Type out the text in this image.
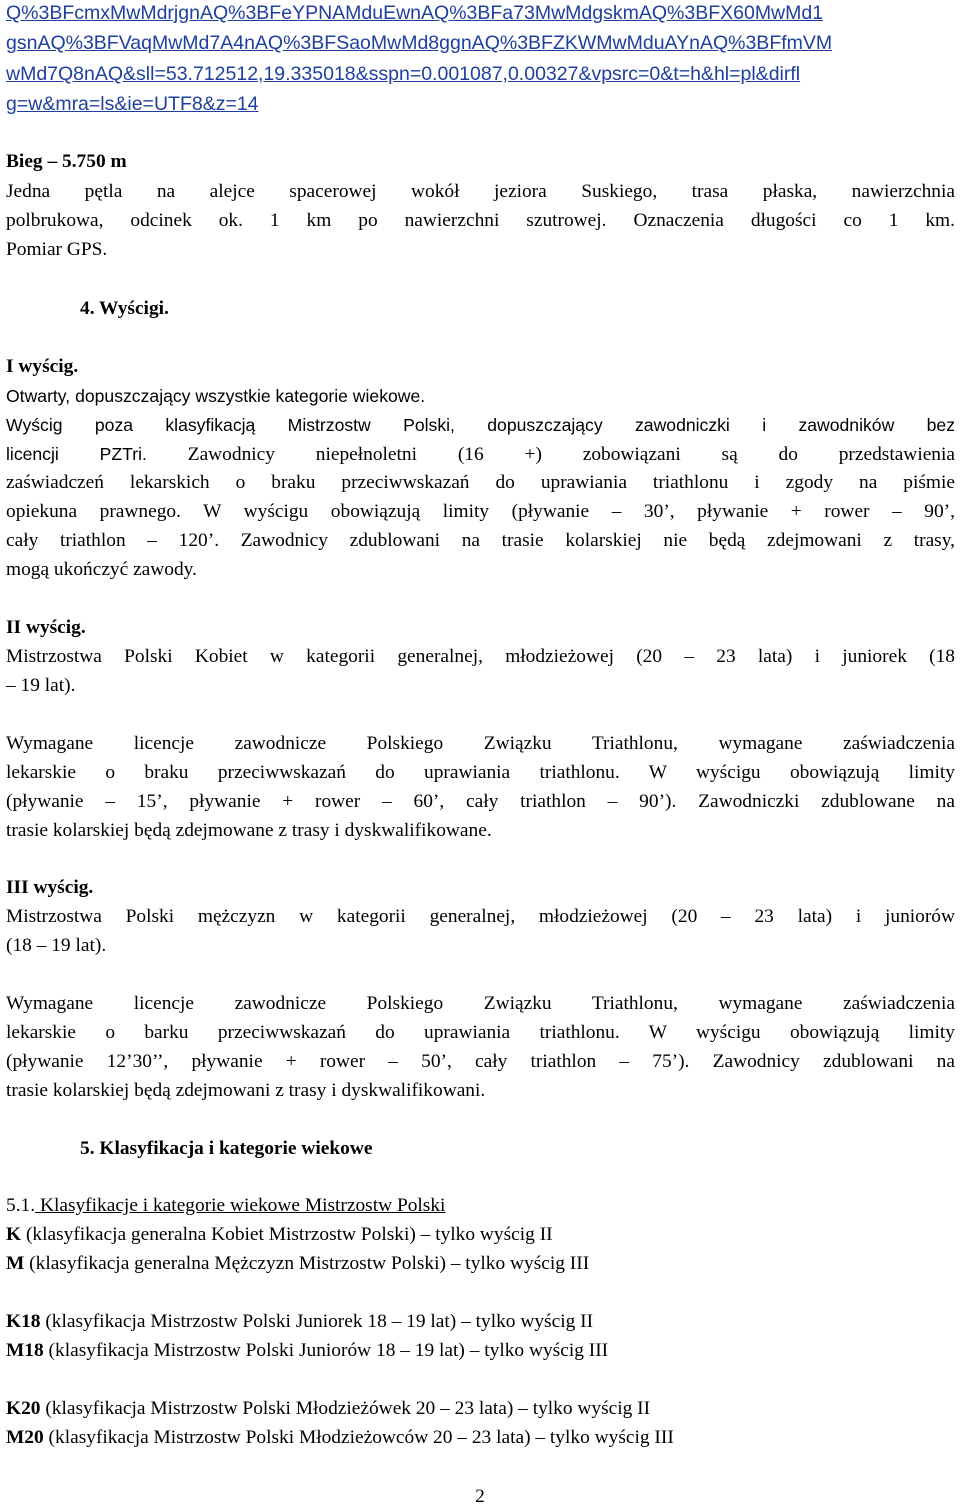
Q%3BFcmxMwMdrjgnAQ%3BFeYPNAMduEwnAQ%3BFa73MwMdgskmAQ%3BFX60MwMd1
gsnAQ%3BFVaqMwMd7A4nAQ%3BFSaoMwMd8ggnAQ%3BFZKWMwMduAYnAQ%3BFfmVM
wMd7Q8nAQ&sll=53.712512,19.335018&sspn=0.001087,0.00327&vpsrc=0&t=h&hl=pl&dirfl
g=w&mra=ls&ie=UTF8&z=14
Bieg – 5.750 m
Jedna pętla na alejce spacerowej wokół jeziora Suskiego, trasa płaska, nawierzchnia
polbrukowa, odcinek ok. 1 km po nawierzchni szutrowej. Oznaczenia długości co 1 km.
Pomiar GPS.
4. Wyścigi.
I wyścig.
Otwarty, dopuszczający wszystkie kategorie wiekowe.
Wyścig poza klasyfikacją Mistrzostw Polski, dopuszczający zawodniczki i zawodników bez
licencji PZTri. Zawodnicy niepełnoletni (16 +) zobowiązani są do przedstawienia
zaświadczeń lekarskich o braku przeciwwskazań do uprawiania triathlonu i zgody na piśmie
opiekuna prawnego. W wyścigu obowiązują limity (pływanie – 30’, pływanie + rower – 90’,
cały triathlon – 120’. Zawodnicy zdublowani na trasie kolarskiej nie będą zdejmowani z trasy,
mogą ukończyć zawody.
II wyścig.
Mistrzostwa Polski Kobiet w kategorii generalnej, młodzieżowej (20 – 23 lata) i juniorek (18
– 19 lat).
Wymagane licencje zawodnicze Polskiego Związku Triathlonu, wymagane zaświadczenia
lekarskie o braku przeciwwskazań do uprawiania triathlonu. W wyścigu obowiązują limity
(pływanie – 15’, pływanie + rower – 60’, cały triathlon – 90’). Zawodniczki zdublowane na
trasie kolarskiej będą zdejmowane z trasy i dyskwalifikowane.
III wyścig.
Mistrzostwa Polski mężczyzn w kategorii generalnej, młodzieżowej (20 – 23 lata) i juniorów
(18 – 19 lat).
Wymagane licencje zawodnicze Polskiego Związku Triathlonu, wymagane zaświadczenia
lekarskie o barku przeciwwskazań do uprawiania triathlonu. W wyścigu obowiązują limity
(pływanie 12’30’’, pływanie + rower – 50’, cały triathlon – 75’). Zawodnicy zdublowani na
trasie kolarskiej będą zdejmowani z trasy i dyskwalifikowani.
5. Klasyfikacja i kategorie wiekowe
5.1. Klasyfikacje i kategorie wiekowe Mistrzostw Polski
K (klasyfikacja generalna Kobiet Mistrzostw Polski) – tylko wyścig II
M (klasyfikacja generalna Mężczyzn Mistrzostw Polski) – tylko wyścig III
K18 (klasyfikacja Mistrzostw Polski Juniorek 18 – 19 lat) – tylko wyścig II
M18 (klasyfikacja Mistrzostw Polski Juniorów 18 – 19 lat) – tylko wyścig III
K20 (klasyfikacja Mistrzostw Polski Młodzieżówek 20 – 23 lata) – tylko wyścig II
M20 (klasyfikacja Mistrzostw Polski Młodzieżowców 20 – 23 lata) – tylko wyścig III
2
